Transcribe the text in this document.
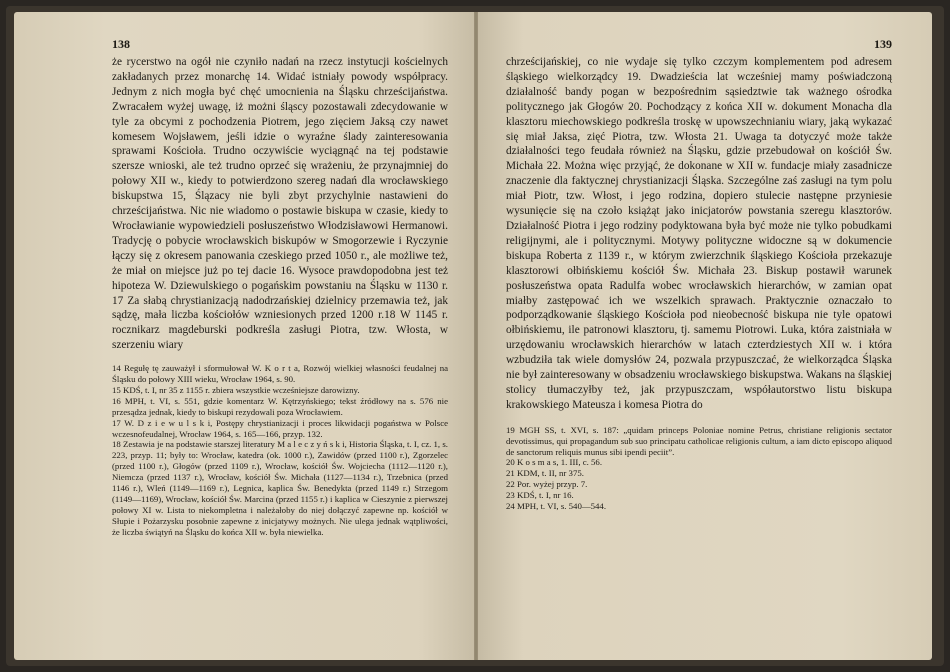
138

że rycerstwo na ogół nie czyniło nadań na rzecz instytucji kościelnych zakładanych przez monarchę 14. Widać istniały powody współpracy. Jednym z nich mogła być chęć umocnienia na Śląsku chrześcijaństwa. Zwracałem wyżej uwagę, iż możni śląscy pozostawali zdecydowanie w tyle za obcymi z pochodzenia Piotrem, jego zięciem Jaksą czy nawet komesem Wojsławem, jeśli idzie o wyraźne ślady zainteresowania sprawami Kościoła. Trudno oczywiście wyciągnąć na tej podstawie szersze wnioski, ale też trudno oprzeć się wrażeniu, że przynajmniej do połowy XII w., kiedy to potwierdzono szereg nadań dla wrocławskiego biskupstwa 15, Ślązacy nie byli zbyt przychylnie nastawieni do chrześcijaństwa. Nic nie wiadomo o postawie biskupa w czasie, kiedy to Wrocławianie wypowiedzieli posłuszeństwo Włodzisławowi Hermanowi. Tradycję o pobycie wrocławskich biskupów w Smogorzewie i Ryczynie łączy się z okresem panowania czeskiego przed 1050 r., ale możliwe też, że miał on miejsce już po tej dacie 16. Wysoce prawdopodobna jest też hipoteza W. Dziewulskiego o pogańskim powstaniu na Śląsku w 1130 r. 17 Za słabą chrystianizacją nadodrzańskiej dzielnicy przemawia też, jak sądzę, mała liczba kościołów wzniesionych przed 1200 r.18 W 1145 r. rocznikarz magdeburski podkreśla zasługi Piotra, tzw. Włosta, w szerzeniu wiary

14 Regułę tę zauważył i sformułował W. K o r t a, Rozwój wielkiej własności feudalnej na Śląsku do połowy XIII wieku, Wrocław 1964, s. 90.

15 KDŚ, t. I, nr 35 z 1155 r. zbiera wszystkie wcześniejsze darowizny.

16 MPH, t. VI, s. 551, gdzie komentarz W. Kętrzyńskiego; tekst źródłowy na s. 576 nie przesądza jednak, kiedy to biskupi rezydowali poza Wrocławiem.

17 W. D z i e w u l s k i, Postępy chrystianizacji i proces likwidacji pogaństwa w Polsce wczesnofeudalnej, Wrocław 1964, s. 165—166, przyp. 132.

18 Zestawia je na podstawie starszej literatury M a l e c z y ń s k i, Historia Śląska, t. I, cz. 1, s. 223, przyp. 11; były to: Wrocław, katedra (ok. 1000 r.), Zawidów (przed 1100 r.), Zgorzelec (przed 1100 r.), Głogów (przed 1109 r.), Wrocław, kościół Św. Wojciecha (1112—1120 r.), Niemcza (przed 1137 r.), Wrocław, kościół Św. Michała (1127—1134 r.), Trzebnica (przed 1146 r.), Wleń (1149—1169 r.), Legnica, kaplica Św. Benedykta (przed 1149 r.) Strzegom (1149—1169), Wrocław, kościół Św. Marcina (przed 1155 r.) i kaplica w Cieszynie z pierwszej połowy XI w. Lista to niekompletna i należałoby do niej dołączyć zapewne np. kościół w Słupie i Pożarzysku posobnie zapewne z inicjatywy możnych. Nie ulega jednak wątpliwości, że liczba świątyń na Śląsku do końca XII w. była niewielka.

139

chrześcijańskiej, co nie wydaje się tylko czczym komplementem pod adresem śląskiego wielkorządcy 19. Dwadzieścia lat wcześniej mamy poświadczoną działalność bandy pogan w bezpośrednim sąsiedztwie tak ważnego ośrodka politycznego jak Głogów 20. Pochodzący z końca XII w. dokument Monacha dla klasztoru miechowskiego podkreśla troskę w upowszechnianiu wiary, jaką wykazać się miał Jaksa, zięć Piotra, tzw. Włosta 21. Uwaga ta dotyczyć może także działalności tego feudała również na Śląsku, gdzie przebudował on kościół Św. Michała 22. Można więc przyjąć, że dokonane w XII w. fundacje miały zasadnicze znaczenie dla faktycznej chrystianizacji Śląska. Szczególne zaś zasługi na tym polu miał Piotr, tzw. Włost, i jego rodzina, dopiero stulecie następne przyniesie wysunięcie się na czoło książąt jako inicjatorów powstania szeregu klasztorów. Działalność Piotra i jego rodziny podyktowana była być może nie tylko pobudkami religijnymi, ale i politycznymi. Motywy polityczne widoczne są w dokumencie biskupa Roberta z 1139 r., w którym zwierzchnik śląskiego Kościoła przekazuje klasztorowi ołbińskiemu kościół Św. Michała 23. Biskup postawił warunek posłuszeństwa opata Radulfa wobec wrocławskich hierarchów, w zamian opat miałby zastępować ich we wszelkich sprawach. Praktycznie oznaczało to podporządkowanie śląskiego Kościoła pod nieobecność biskupa nie tyle opatowi ołbińskiemu, ile patronowi klasztoru, tj. samemu Piotrowi. Luka, która zaistniała w urzędowaniu wrocławskich hierarchów w latach czterdziestych XII w. i która wzbudziła tak wiele domysłów 24, pozwala przypuszczać, że wielkorządca Śląska nie był zainteresowany w obsadzeniu wrocławskiego biskupstwa. Wakans na śląskiej stolicy tłumaczyłby też, jak przypuszczam, współautorstwo listu biskupa krakowskiego Mateusza i komesa Piotra do

19 MGH SS, t. XVI, s. 187: „quidam princeps Poloniae nomine Petrus, christiane religionis sectator devotissimus, qui propagandum sub suo principatu catholicae religionis cultum, a iam dicto episcopo aliquod de sanctorum reliquis munus sibi ipendi peciit”.

20 K o s m a s, 1. III, c. 56.

21 KDM, t. II, nr 375.

22 Por. wyżej przyp. 7.

23 KDŚ, t. I, nr 16.

24 MPH, t. VI, s. 540—544.
